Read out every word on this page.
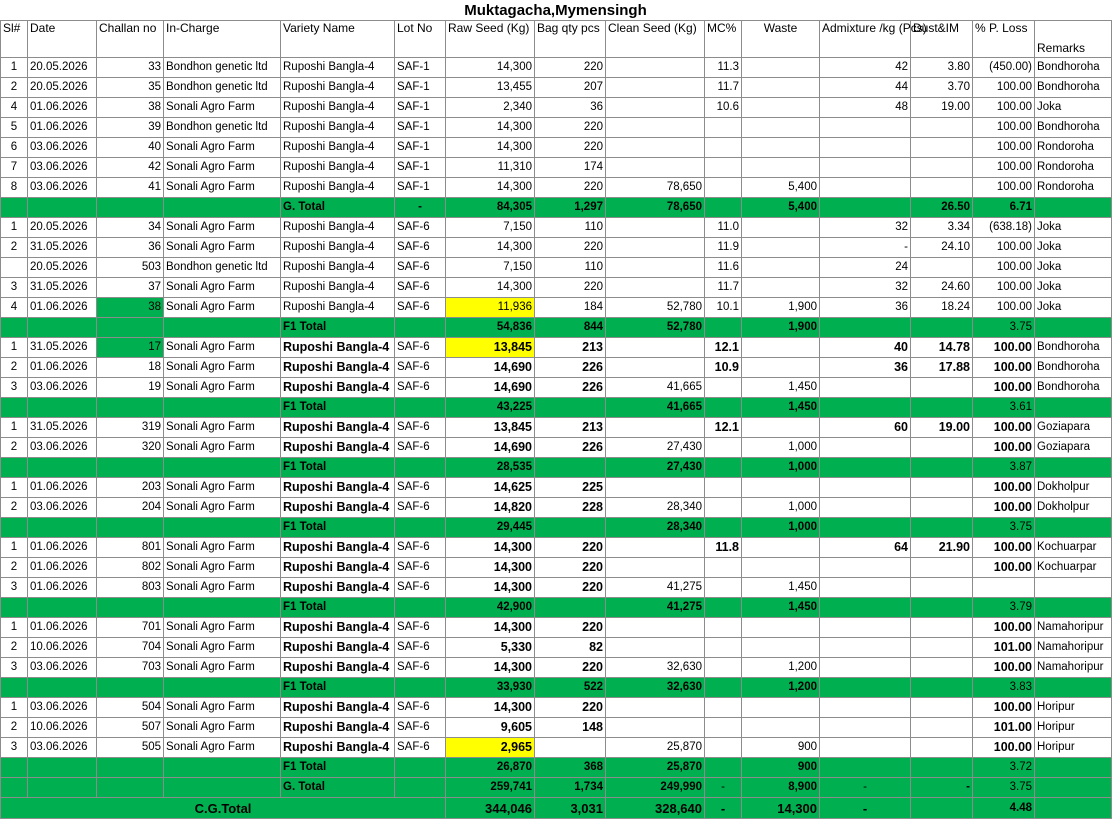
Muktagacha,Mymensingh
Sl#	Date	Challan no	In-Charge	Variety Name	Lot No	Raw Seed (Kg)	Bag qty pcs	Clean Seed (Kg)	MC%	Waste	Admixture /kg (Pcs)	Dust&IM	% P. Loss	Remarks
1	20.05.2026	33	Bondhon genetic ltd	Ruposhi Bangla-4	SAF-1	14,300	220		11.3		42	3.80	(450.00)	Bondhoroha
2	20.05.2026	35	Bondhon genetic ltd	Ruposhi Bangla-4	SAF-1	13,455	207		11.7		44	3.70	100.00	Bondhoroha
4	01.06.2026	38	Sonali Agro Farm	Ruposhi Bangla-4	SAF-1	2,340	36		10.6		48	19.00	100.00	Joka
5	01.06.2026	39	Bondhon genetic ltd	Ruposhi Bangla-4	SAF-1	14,300	220						100.00	Bondhoroha
6	03.06.2026	40	Sonali Agro Farm	Ruposhi Bangla-4	SAF-1	14,300	220						100.00	Rondoroha
7	03.06.2026	42	Sonali Agro Farm	Ruposhi Bangla-4	SAF-1	11,310	174						100.00	Rondoroha
8	03.06.2026	41	Sonali Agro Farm	Ruposhi Bangla-4	SAF-1	14,300	220	78,650		5,400			100.00	Rondoroha
				G. Total	-	84,305	1,297	78,650		5,400		26.50	6.71	
1	20.05.2026	34	Sonali Agro Farm	Ruposhi Bangla-4	SAF-6	7,150	110		11.0		32	3.34	(638.18)	Joka
2	31.05.2026	36	Sonali Agro Farm	Ruposhi Bangla-4	SAF-6	14,300	220		11.9		-	24.10	100.00	Joka
	20.05.2026	503	Bondhon genetic ltd	Ruposhi Bangla-4	SAF-6	7,150	110		11.6		24		100.00	Joka
3	31.05.2026	37	Sonali Agro Farm	Ruposhi Bangla-4	SAF-6	14,300	220		11.7		32	24.60	100.00	Joka
4	01.06.2026	38	Sonali Agro Farm	Ruposhi Bangla-4	SAF-6	11,936	184	52,780	10.1	1,900	36	18.24	100.00	Joka
				F1 Total		54,836	844	52,780		1,900			3.75	
1	31.05.2026	17	Sonali Agro Farm	Ruposhi Bangla-4	SAF-6	13,845	213		12.1		40	14.78	100.00	Bondhoroha
2	01.06.2026	18	Sonali Agro Farm	Ruposhi Bangla-4	SAF-6	14,690	226		10.9		36	17.88	100.00	Bondhoroha
3	03.06.2026	19	Sonali Agro Farm	Ruposhi Bangla-4	SAF-6	14,690	226	41,665		1,450			100.00	Bondhoroha
				F1 Total		43,225		41,665		1,450			3.61	
1	31.05.2026	319	Sonali Agro Farm	Ruposhi Bangla-4	SAF-6	13,845	213		12.1		60	19.00	100.00	Goziapara
2	03.06.2026	320	Sonali Agro Farm	Ruposhi Bangla-4	SAF-6	14,690	226	27,430		1,000			100.00	Goziapara
				F1 Total		28,535		27,430		1,000			3.87	
1	01.06.2026	203	Sonali Agro Farm	Ruposhi Bangla-4	SAF-6	14,625	225						100.00	Dokholpur
2	03.06.2026	204	Sonali Agro Farm	Ruposhi Bangla-4	SAF-6	14,820	228	28,340		1,000			100.00	Dokholpur
				F1 Total		29,445		28,340		1,000			3.75	
1	01.06.2026	801	Sonali Agro Farm	Ruposhi Bangla-4	SAF-6	14,300	220		11.8		64	21.90	100.00	Kochuarpar
2	01.06.2026	802	Sonali Agro Farm	Ruposhi Bangla-4	SAF-6	14,300	220						100.00	Kochuarpar
3	01.06.2026	803	Sonali Agro Farm	Ruposhi Bangla-4	SAF-6	14,300	220	41,275		1,450				
				F1 Total		42,900		41,275		1,450			3.79	
1	01.06.2026	701	Sonali Agro Farm	Ruposhi Bangla-4	SAF-6	14,300	220						100.00	Namahoripur
2	10.06.2026	704	Sonali Agro Farm	Ruposhi Bangla-4	SAF-6	5,330	82						101.00	Namahoripur
3	03.06.2026	703	Sonali Agro Farm	Ruposhi Bangla-4	SAF-6	14,300	220	32,630		1,200			100.00	Namahoripur
				F1 Total		33,930	522	32,630		1,200			3.83	
1	03.06.2026	504	Sonali Agro Farm	Ruposhi Bangla-4	SAF-6	14,300	220						100.00	Horipur
2	10.06.2026	507	Sonali Agro Farm	Ruposhi Bangla-4	SAF-6	9,605	148						101.00	Horipur
3	03.06.2026	505	Sonali Agro Farm	Ruposhi Bangla-4	SAF-6	2,965		25,870		900			100.00	Horipur
				F1 Total		26,870	368	25,870		900			3.72	
				G. Total		259,741	1,734	249,990	-	8,900	-	-	3.75	
C.G.Total						344,046	3,031	328,640	-	14,300	-		4.48	
